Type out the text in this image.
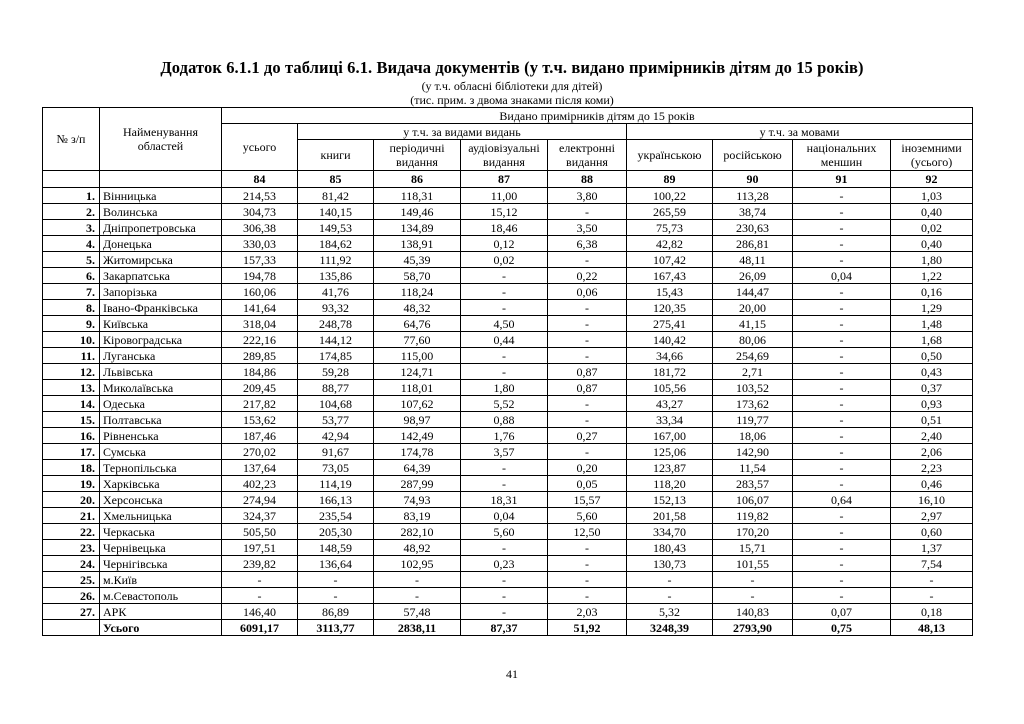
Додаток 6.1.1 до таблиці 6.1. Видача документів (у т.ч. видано примірників дітям до 15 років)
(у т.ч. обласні бібліотеки для дітей)
(тис. прим. з двома знаками після коми)
№ з/п	Найменування областей	Видано примірників дітям до 15 років								
		усього	у т.ч. за видами видань				у т.ч. за мовами			
			книги	періодичні видання	аудіовізуальні видання	електронні видання	українською	російською	національних меншин	іноземними (усього)
		84	85	86	87	88	89	90	91	92
1.	Вінницька	214,53	81,42	118,31	11,00	3,80	100,22	113,28	-	1,03
2.	Волинська	304,73	140,15	149,46	15,12	-	265,59	38,74	-	0,40
3.	Дніпропетровська	306,38	149,53	134,89	18,46	3,50	75,73	230,63	-	0,02
4.	Донецька	330,03	184,62	138,91	0,12	6,38	42,82	286,81	-	0,40
5.	Житомирська	157,33	111,92	45,39	0,02	-	107,42	48,11	-	1,80
6.	Закарпатська	194,78	135,86	58,70	-	0,22	167,43	26,09	0,04	1,22
7.	Запорізька	160,06	41,76	118,24	-	0,06	15,43	144,47	-	0,16
8.	Івано-Франківська	141,64	93,32	48,32	-	-	120,35	20,00	-	1,29
9.	Київська	318,04	248,78	64,76	4,50	-	275,41	41,15	-	1,48
10.	Кіровоградська	222,16	144,12	77,60	0,44	-	140,42	80,06	-	1,68
11.	Луганська	289,85	174,85	115,00	-	-	34,66	254,69	-	0,50
12.	Львівська	184,86	59,28	124,71	-	0,87	181,72	2,71	-	0,43
13.	Миколаївська	209,45	88,77	118,01	1,80	0,87	105,56	103,52	-	0,37
14.	Одеська	217,82	104,68	107,62	5,52	-	43,27	173,62	-	0,93
15.	Полтавська	153,62	53,77	98,97	0,88	-	33,34	119,77	-	0,51
16.	Рівненська	187,46	42,94	142,49	1,76	0,27	167,00	18,06	-	2,40
17.	Сумська	270,02	91,67	174,78	3,57	-	125,06	142,90	-	2,06
18.	Тернопільська	137,64	73,05	64,39	-	0,20	123,87	11,54	-	2,23
19.	Харківська	402,23	114,19	287,99	-	0,05	118,20	283,57	-	0,46
20.	Херсонська	274,94	166,13	74,93	18,31	15,57	152,13	106,07	0,64	16,10
21.	Хмельницька	324,37	235,54	83,19	0,04	5,60	201,58	119,82	-	2,97
22.	Черкаська	505,50	205,30	282,10	5,60	12,50	334,70	170,20	-	0,60
23.	Чернівецька	197,51	148,59	48,92	-	-	180,43	15,71	-	1,37
24.	Чернігівська	239,82	136,64	102,95	0,23	-	130,73	101,55	-	7,54
25.	м.Київ	-	-	-	-	-	-	-	-	-
26.	м.Севастополь	-	-	-	-	-	-	-	-	-
27.	АРК	146,40	86,89	57,48	-	2,03	5,32	140,83	0,07	0,18
	Усього	6091,17	3113,77	2838,11	87,37	51,92	3248,39	2793,90	0,75	48,13
41
